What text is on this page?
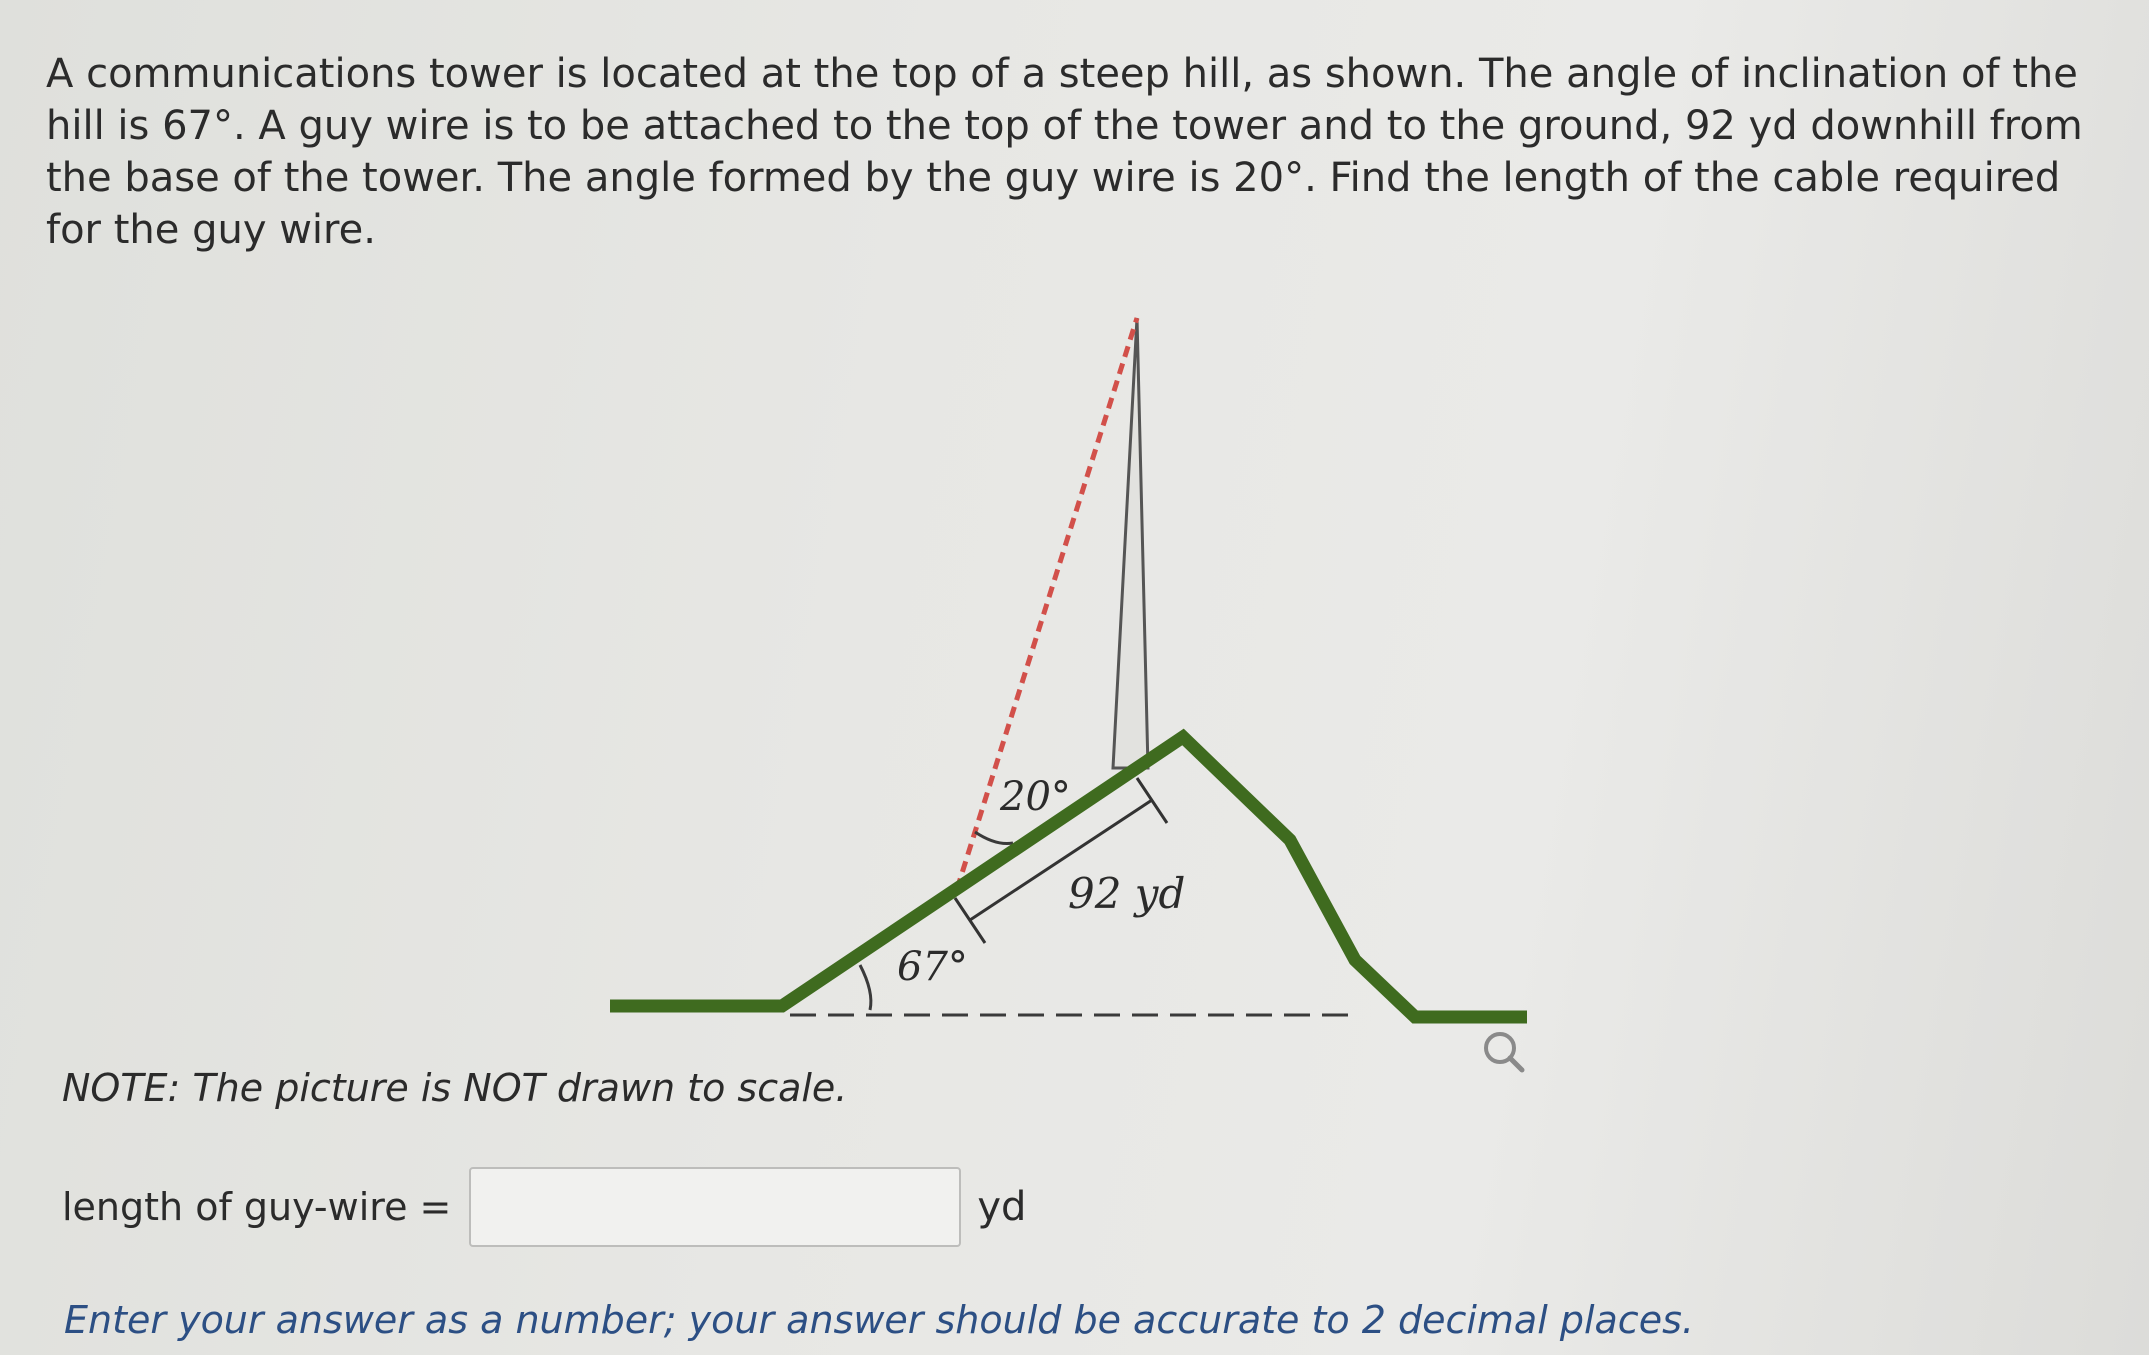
A communications tower is located at the top of a steep hill, as shown. The angle of inclination of the hill is 67°. A guy wire is to be attached to the top of the tower and to the ground, 92 yd downhill from the base of the tower. The angle formed by the guy wire is 20°. Find the length of the cable required for the guy wire.

20°
92 yd
67°
NOTE: The picture is NOT drawn to scale.
length of guy-wire =	yd
Enter your answer as a number; your answer should be accurate to 2 decimal places.
